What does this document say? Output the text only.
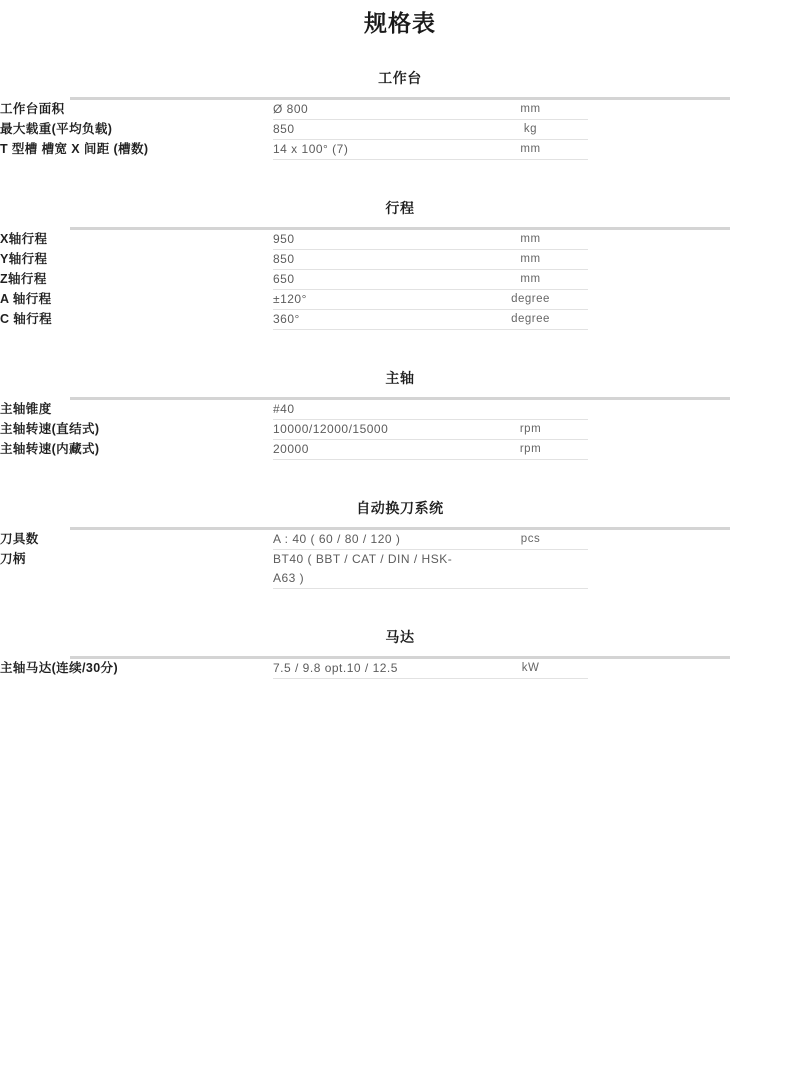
规格表
工作台
工作台面积	Ø 800	mm	
最大载重(平均负载)	850	kg	
T 型槽 槽宽 X 间距 (槽数)	14 x 100° (7)	mm	
行程
X轴行程	950	mm	
Y轴行程	850	mm	
Z轴行程	650	mm	
A 轴行程	±120°	degree	
C 轴行程	360°	degree	
主轴
主轴锥度	#40		
主轴转速(直结式)	10000/12000/15000	rpm	
主轴转速(内藏式)	20000	rpm	
自动换刀系统
刀具数	A : 40 ( 60 / 80 / 120 )	pcs	
刀柄	BT40 ( BBT / CAT / DIN / HSK-A63 )		
马达
主轴马达(连续/30分)	7.5 / 9.8 opt.10 / 12.5	kW	
